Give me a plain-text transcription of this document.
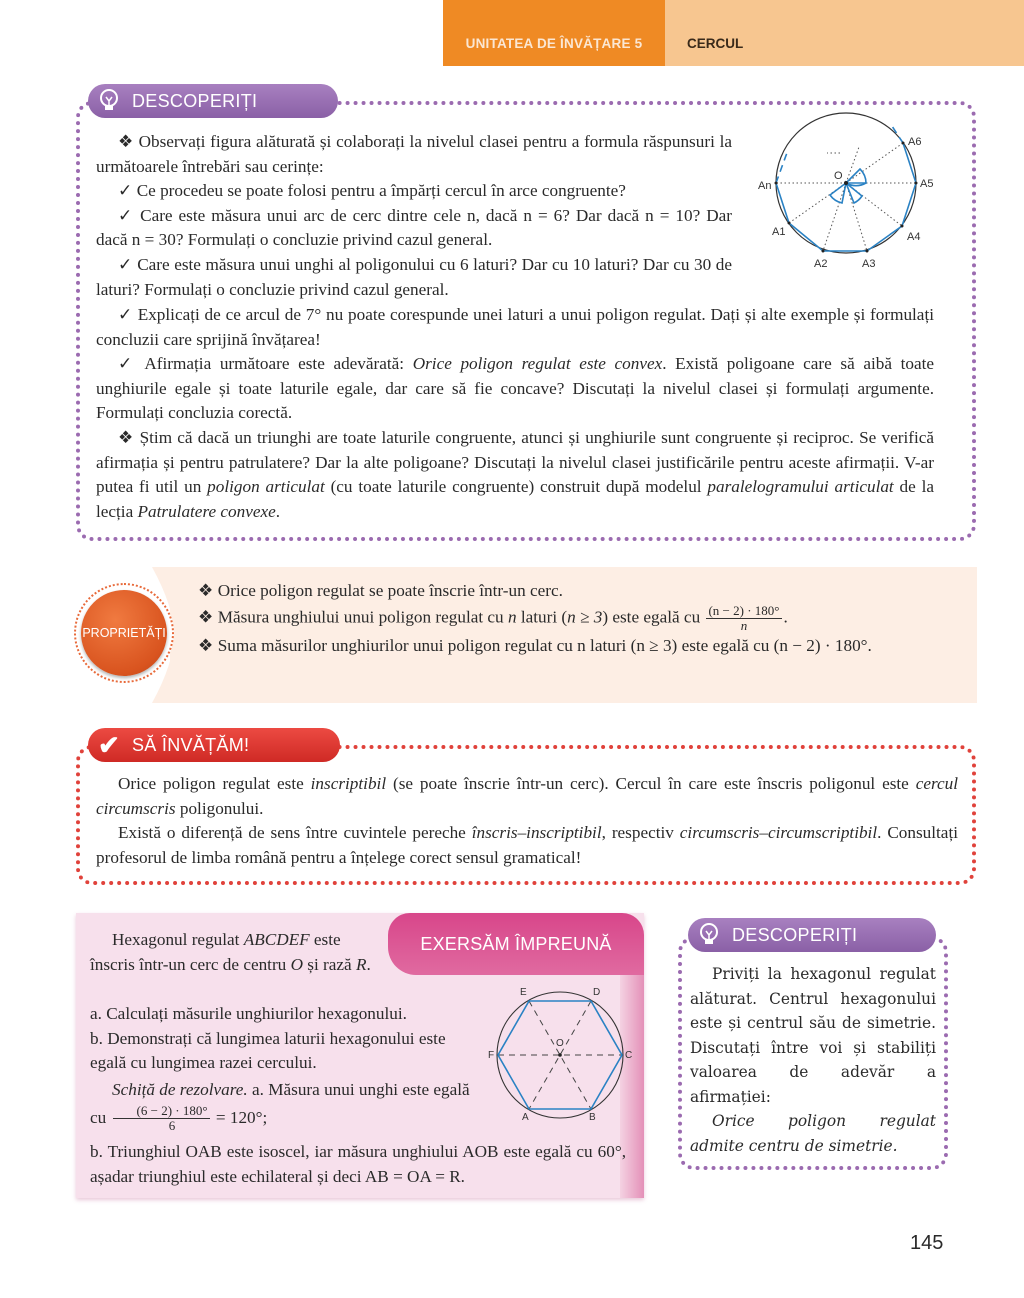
UNITATEA DE ÎNVĂȚARE 5	CERCUL
DESCOPERIȚI

❖ Observați figura alăturată și colaborați la nivelul clasei pentru a formula răspunsuri la următoarele întrebări sau cerințe:

✓ Ce procedeu se poate folosi pentru a împărți cercul în arce congruente?

✓ Care este măsura unui arc de cerc dintre cele n, dacă n = 6? Dar dacă n = 10? Dar dacă n = 30? Formulați o concluzie privind cazul general.

✓ Care este măsura unui unghi al poligonului cu 6 laturi? Dar cu 10 laturi? Dar cu 30 de laturi? Formulați o concluzie privind cazul general.

✓ Explicați de ce arcul de 7° nu poate corespunde unei laturi a unui poligon regulat. Dați și alte exemple și formulați concluzii care sprijină învățarea!

✓ Afirmația următoare este adevărată: Orice poligon regulat este convex. Există poligoane care să aibă toate unghiurile egale și toate laturile egale, dar care să fie concave? Discutați la nivelul clasei și formulați argumente. Formulați concluzia corectă.

❖ Știm că dacă un triunghi are toate laturile congruente, atunci și unghiurile sunt congruente și reciproc. Se verifică afirmația și pentru patrulatere? Dar la alte poligoane? Discutați la nivelul clasei justificările pentru aceste afirmații. V-ar putea fi util un poligon articulat (cu toate laturile congruente) construit după modelul paralelogramului articulat de la lecția Patrulatere convexe.

O
An
A1
A2	A3
A4
A5
A6
PROPRIETĂȚI

❖ Orice poligon regulat se poate înscrie într-un cerc.

❖ Măsura unghiului unui poligon regulat cu n laturi (n ≥ 3) este egală cu $\frac{(n - 2) \cdot 180^\circ}{n}$ .

❖ Suma măsurilor unghiurilor unui poligon regulat cu n laturi (n ≥ 3) este egală cu (n − 2) · 180°.

✔ SĂ ÎNVĂȚĂM!

Orice poligon regulat este inscriptibil (se poate înscrie într-un cerc). Cercul în care este înscris poligonul este cercul circumscris poligonului.

Există o diferență de sens între cuvintele pereche înscris–inscriptibil, respectiv circumscris–circumscriptibil. Consultați profesorul de limba română pentru a înțelege corect sensul gramatical!

EXERSĂM ÎMPREUNĂ

Hexagonul regulat ABCDEF este înscris într-un cerc de centru O și rază R.

a. Calculați măsurile unghiurilor hexagonului.

b. Demonstrați că lungimea laturii hexagonului este egală cu lungimea razei cercului.

Schiță de rezolvare. a. Măsura unui unghi este egală cu $\frac{(6 - 2) \cdot 180^\circ}{6} = 120^\circ$;

b. Triunghiul OAB este isoscel, iar măsura unghiului AOB este egală cu 60°, așadar triunghiul este echilateral și deci AB = OA = R.

E	D
O
F	C
A	B
DESCOPERIȚI

Priviți la hexagonul regulat alăturat. Centrul hexagonului este și centrul său de simetrie. Discutați între voi și stabiliți valoarea de adevăr a afirmației:

Orice poligon regulat admite centru de simetrie.

145
